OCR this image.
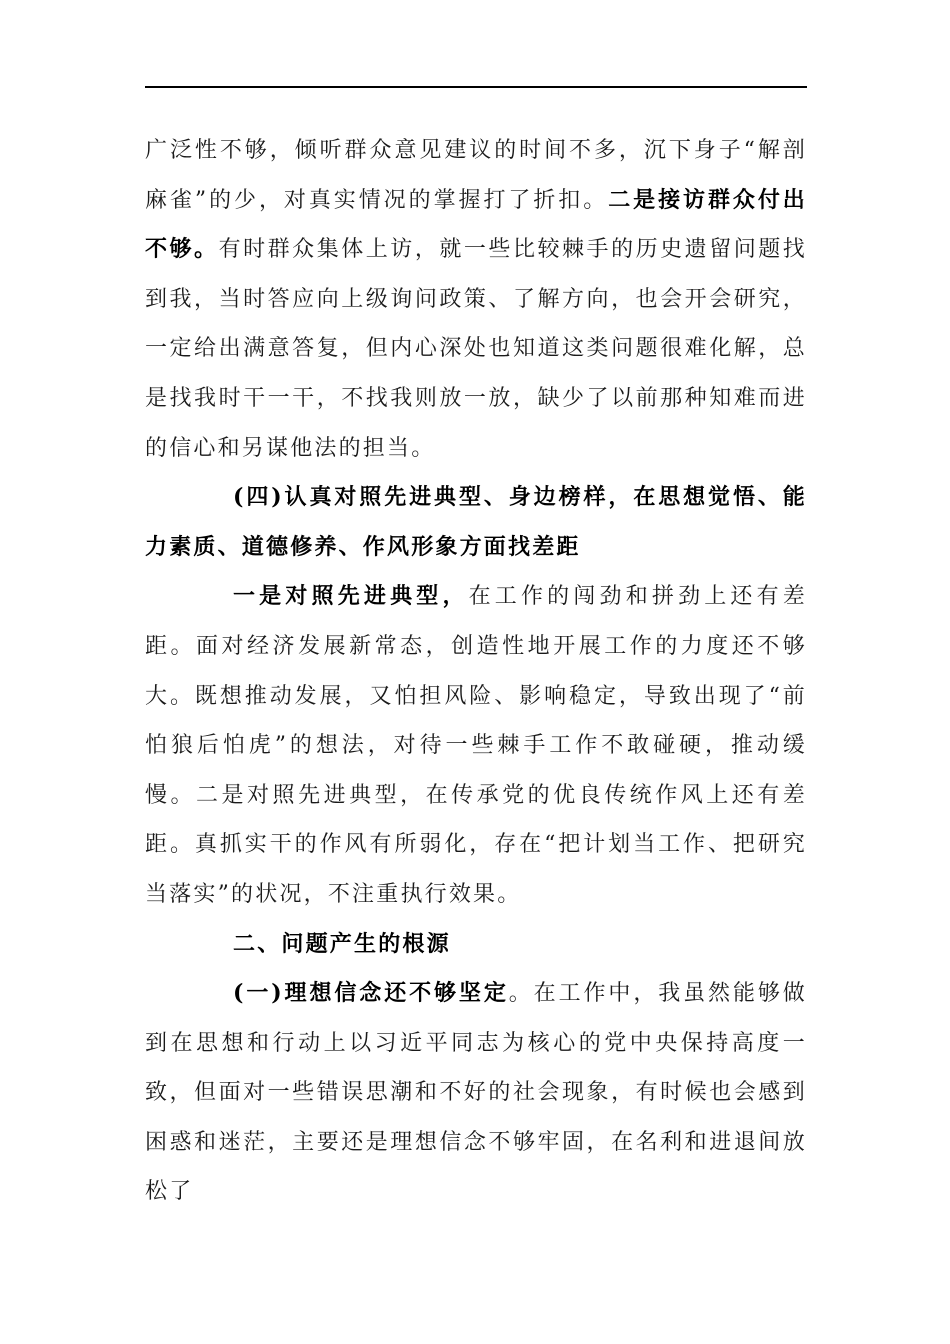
广泛性不够，倾听群众意见建议的时间不多，沉下身子“解剖麻雀”的少，对真实情况的掌握打了折扣。二是接访群众付出不够。有时群众集体上访，就一些比较棘手的历史遗留问题找到我，当时答应向上级询问政策、了解方向，也会开会研究，一定给出满意答复，但内心深处也知道这类问题很难化解，总是找我时干一干，不找我则放一放，缺少了以前那种知难而进的信心和另谋他法的担当。

(四)认真对照先进典型、身边榜样，在思想觉悟、能力素质、道德修养、作风形象方面找差距

一是对照先进典型，在工作的闯劲和拼劲上还有差距。面对经济发展新常态，创造性地开展工作的力度还不够大。既想推动发展，又怕担风险、影响稳定，导致出现了“前怕狼后怕虎”的想法，对待一些棘手工作不敢碰硬，推动缓慢。二是对照先进典型，在传承党的优良传统作风上还有差距。真抓实干的作风有所弱化，存在“把计划当工作、把研究当落实”的状况，不注重执行效果。

二、问题产生的根源

(一)理想信念还不够坚定。在工作中，我虽然能够做到在思想和行动上以习近平同志为核心的党中央保持高度一致，但面对一些错误思潮和不好的社会现象，有时候也会感到困惑和迷茫，主要还是理想信念不够牢固，在名利和进退间放松了
